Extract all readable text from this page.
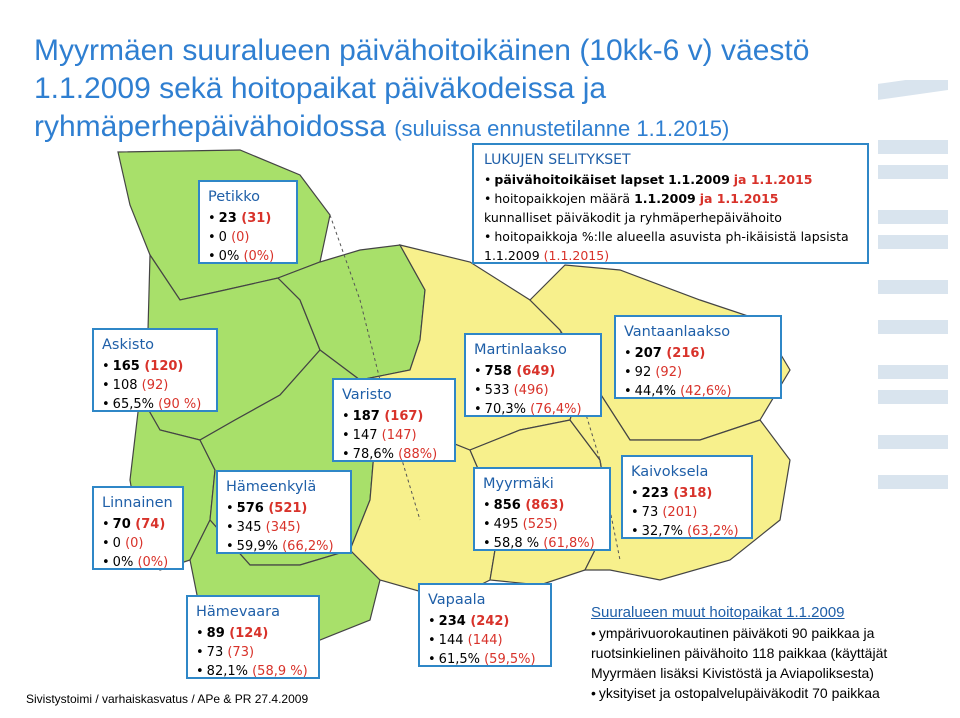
Myyrmäen suuralueen päivähoitoikäinen (10kk-6 v) väestö 1.1.2009 sekä hoitopaikat päiväkodeissa ja ryhmäperhepäivähoidossa (suluissa ennustetilanne 1.1.2015)
LUKUJEN SELITYKSET
• päivähoitoikäiset lapset 1.1.2009 ja 1.1.2015
• hoitopaikkojen määrä 1.1.2009 ja 1.1.2015
kunnalliset päiväkodit ja ryhmäperhepäivähoito
• hoitopaikkoja %:lle alueella asuvista ph-ikäisistä lapsista 1.1.2009 (1.1.2015)
Petikko
• 23 (31)
• 0 (0)
• 0% (0%)
Askisto
• 165 (120)
• 108 (92)
• 65,5% (90 %)
Varisto
• 187 (167)
• 147 (147)
• 78,6% (88%)
Martinlaakso
• 758 (649)
• 533 (496)
• 70,3% (76,4%)
Vantaanlaakso
• 207 (216)
• 92 (92)
• 44,4% (42,6%)
Linnainen
• 70 (74)
• 0 (0)
• 0% (0%)
Hämeenkylä
• 576 (521)
• 345 (345)
• 59,9% (66,2%)
Myyrmäki
• 856 (863)
• 495 (525)
• 58,8 % (61,8%)
Kaivoksela
• 223 (318)
• 73 (201)
• 32,7% (63,2%)
Hämevaara
• 89 (124)
• 73 (73)
• 82,1% (58,9 %)
Vapaala
• 234 (242)
• 144 (144)
• 61,5% (59,5%)
Suuralueen muut hoitopaikat 1.1.2009
• ympärivuorokautinen päiväkoti 90 paikkaa ja ruotsinkielinen päivähoito 118 paikkaa (käyttäjät Myyrmäen lisäksi Kivistöstä ja Aviapoliksesta)
• yksityiset ja ostopalvelupäiväkodit 70 paikkaa
Sivistystoimi / varhaiskasvatus / APe & PR 27.4.2009
